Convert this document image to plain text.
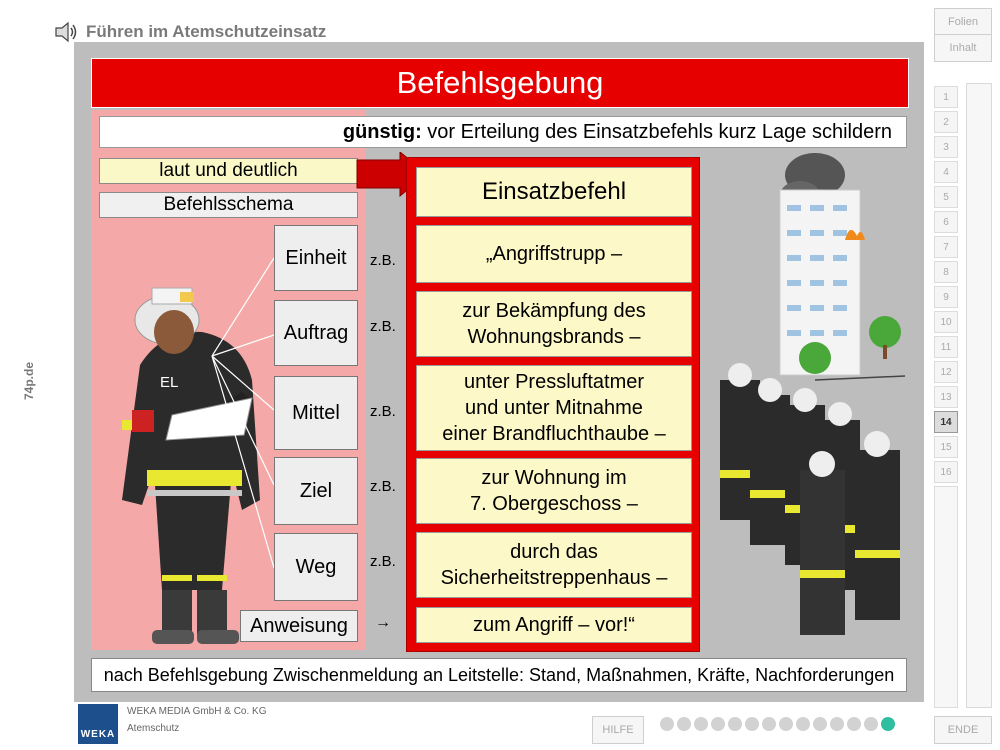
Führen im Atemschutzeinsatz
74p.de
Folien
Inhalt
Befehlsgebung
günstig: vor Erteilung des Einsatzbefehls kurz Lage schildern
laut und deutlich
Befehlsschema
EL
Einheit
Auftrag
Mittel
Ziel
Weg
Anweisung
z.B.
z.B.
z.B.
z.B.
z.B.
→
Einsatzbefehl
„Angriffstrupp –
zur Bekämpfung des
Wohnungsbrands –
unter Pressluftatmer
und unter Mitnahme
einer Brandfluchthaube –
zur Wohnung im
7. Obergeschoss –
durch das
Sicherheitstreppenhaus –
zum Angriff – vor!“
nach Befehlsgebung Zwischenmeldung an Leitstelle: Stand, Maßnahmen, Kräfte, Nachforderungen
1
2
3
4
5
6
7
8
9
10
11
12
13
14
15
16
WEKA
WEKA MEDIA GmbH & Co. KG
Atemschutz	HILFE	ENDE
